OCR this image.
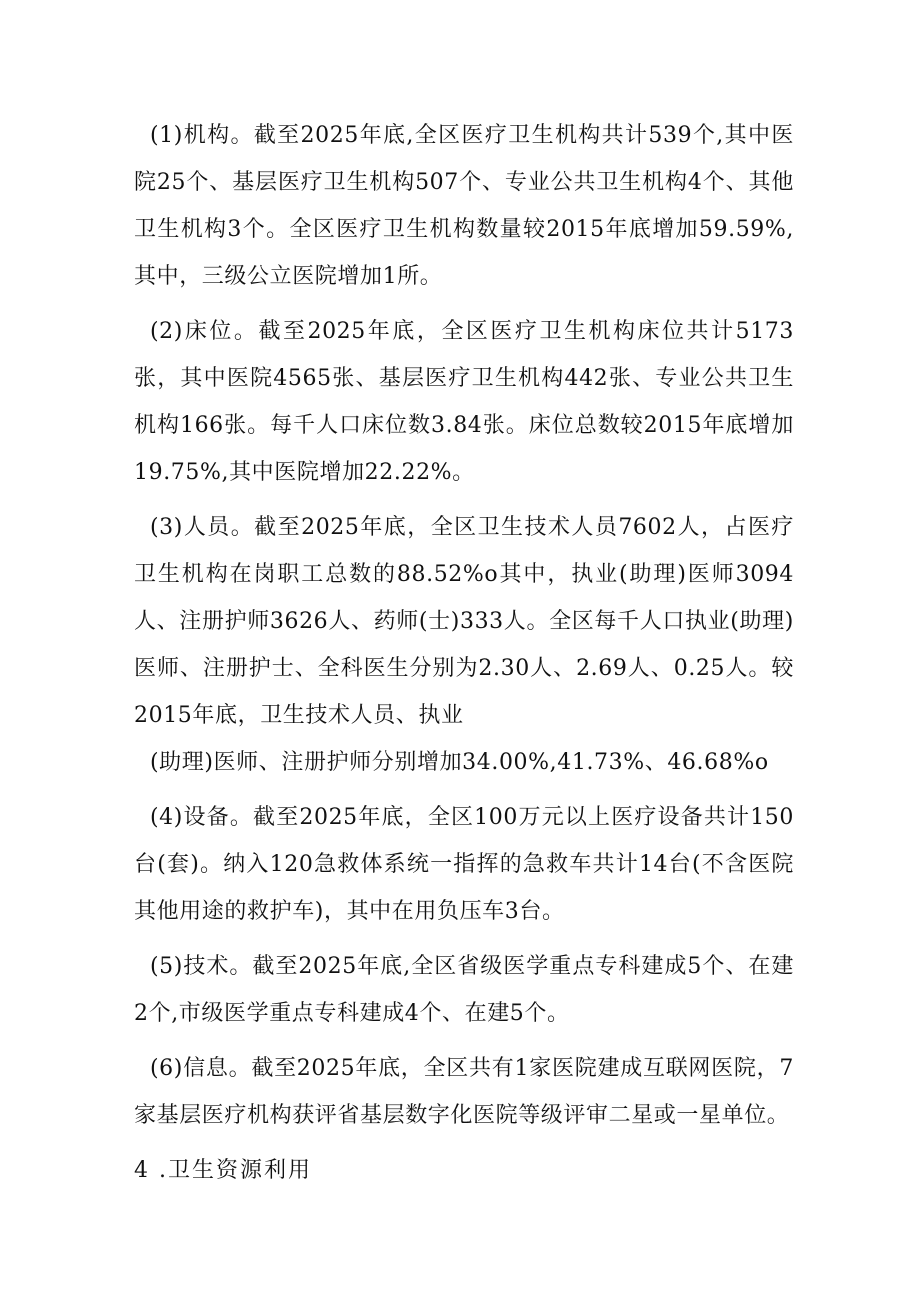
(1)机构。截至2025年底,全区医疗卫生机构共计539个,其中医院25个、基层医疗卫生机构507个、专业公共卫生机构4个、其他卫生机构3个。全区医疗卫生机构数量较2015年底增加59.59%,其中，三级公立医院增加1所。

(2)床位。截至2025年底，全区医疗卫生机构床位共计5173张，其中医院4565张、基层医疗卫生机构442张、专业公共卫生机构166张。每千人口床位数3.84张。床位总数较2015年底增加19.75%,其中医院增加22.22%。

(3)人员。截至2025年底，全区卫生技术人员7602人，占医疗卫生机构在岗职工总数的88.52%o其中，执业(助理)医师3094人、注册护师3626人、药师(士)333人。全区每千人口执业(助理)医师、注册护士、全科医生分别为2.30人、2.69人、0.25人。较2015年底，卫生技术人员、执业

(助理)医师、注册护师分别增加34.00%,41.73%、46.68%o

(4)设备。截至2025年底，全区100万元以上医疗设备共计150台(套)。纳入120急救体系统一指挥的急救车共计14台(不含医院其他用途的救护车)，其中在用负压车3台。

(5)技术。截至2025年底,全区省级医学重点专科建成5个、在建2个,市级医学重点专科建成4个、在建5个。

(6)信息。截至2025年底，全区共有1家医院建成互联网医院，7家基层医疗机构获评省基层数字化医院等级评审二星或一星单位。

4 .卫生资源利用
